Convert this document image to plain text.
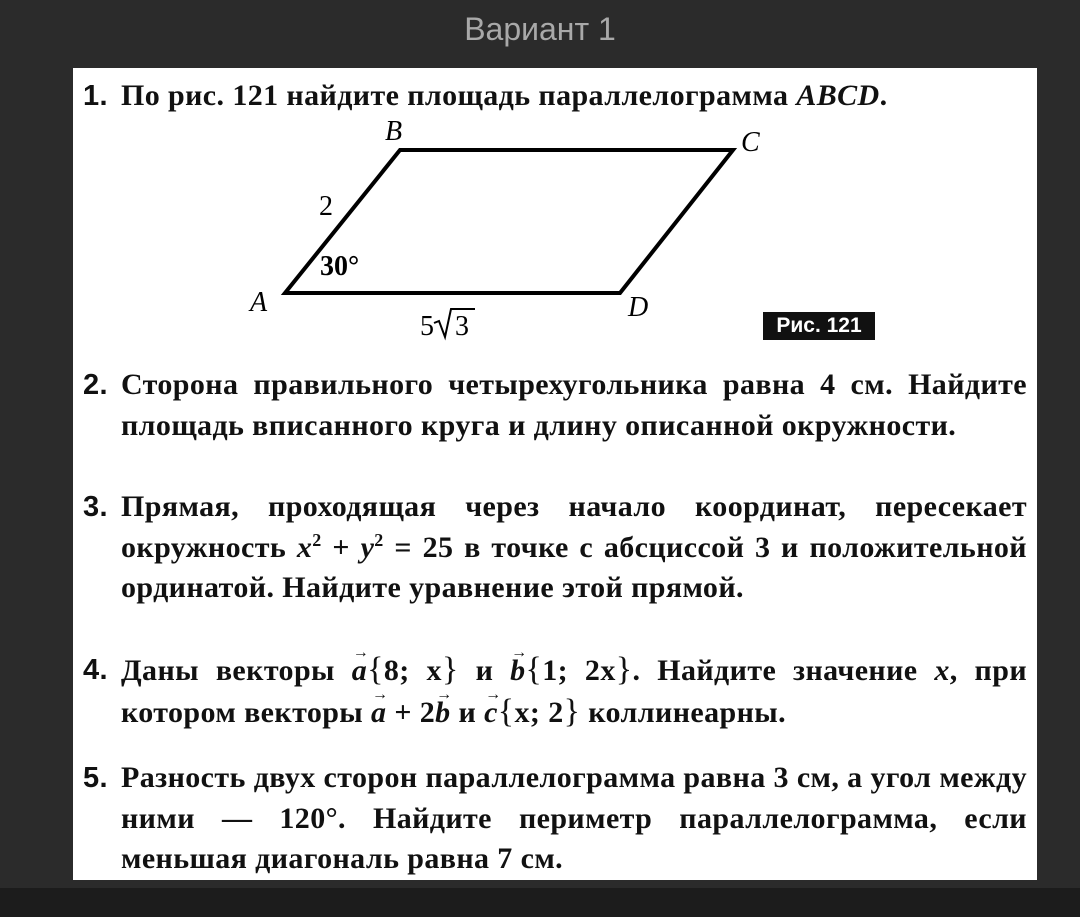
Вариант 1
1. По рис. 121 найдите площадь параллелограмма ABCD.
A
B	C
D
2
30°
5 3	Рис. 121
2. Сторона правильного четырехугольника равна 4 см. Найдите площадь вписанного круга и длину описанной окружности.
3. Прямая, проходящая через начало координат, пересекает окружность $x^2 + y^2 = 25$ в точке с абсциссой 3 и положительной ординатой. Найдите уравнение этой прямой.
4. Даны векторы → a{8; x} и → b{1; 2x}. Найдите значение x, при котором векторы → a + 2→ b и → c{x; 2} коллинеарны.
5. Разность двух сторон параллелограмма равна 3 см, а угол между ними — 120°. Найдите периметр параллелограмма, если меньшая диагональ равна 7 см.
